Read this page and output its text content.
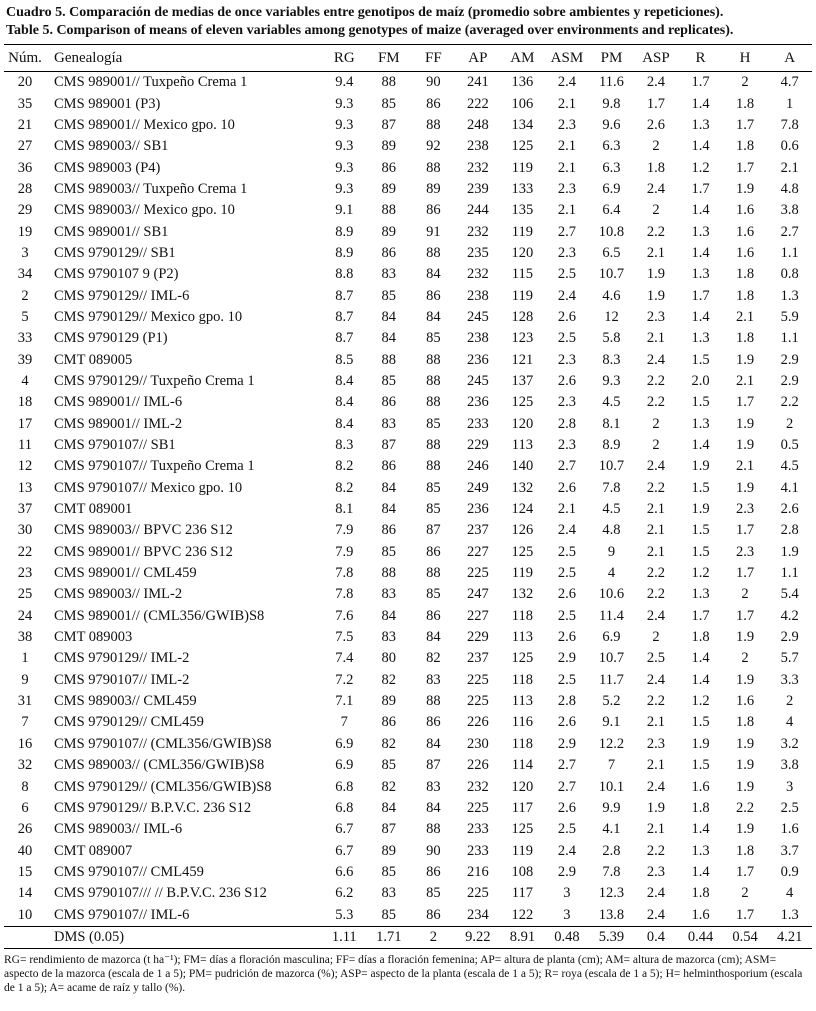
Cuadro 5. Comparación de medias de once variables entre genotipos de maíz (promedio sobre ambientes y repeticiones).
Table 5. Comparison of means of eleven variables among genotypes of maize (averaged over environments and replicates).
Núm.	Genealogía	RG	FM	FF	AP	AM	ASM	PM	ASP	R	H	A
20	CMS 989001// Tuxpeño Crema 1	9.4	88	90	241	136	2.4	11.6	2.4	1.7	2	4.7
35	CMS 989001 (P3)	9.3	85	86	222	106	2.1	9.8	1.7	1.4	1.8	1
21	CMS 989001// Mexico gpo. 10	9.3	87	88	248	134	2.3	9.6	2.6	1.3	1.7	7.8
27	CMS 989003// SB1	9.3	89	92	238	125	2.1	6.3	2	1.4	1.8	0.6
36	CMS 989003 (P4)	9.3	86	88	232	119	2.1	6.3	1.8	1.2	1.7	2.1
28	CMS 989003// Tuxpeño Crema 1	9.3	89	89	239	133	2.3	6.9	2.4	1.7	1.9	4.8
29	CMS 989003// Mexico gpo. 10	9.1	88	86	244	135	2.1	6.4	2	1.4	1.6	3.8
19	CMS 989001// SB1	8.9	89	91	232	119	2.7	10.8	2.2	1.3	1.6	2.7
3	CMS 9790129// SB1	8.9	86	88	235	120	2.3	6.5	2.1	1.4	1.6	1.1
34	CMS 9790107 9 (P2)	8.8	83	84	232	115	2.5	10.7	1.9	1.3	1.8	0.8
2	CMS 9790129// IML-6	8.7	85	86	238	119	2.4	4.6	1.9	1.7	1.8	1.3
5	CMS 9790129// Mexico gpo. 10	8.7	84	84	245	128	2.6	12	2.3	1.4	2.1	5.9
33	CMS 9790129 (P1)	8.7	84	85	238	123	2.5	5.8	2.1	1.3	1.8	1.1
39	CMT 089005	8.5	88	88	236	121	2.3	8.3	2.4	1.5	1.9	2.9
4	CMS 9790129// Tuxpeño Crema 1	8.4	85	88	245	137	2.6	9.3	2.2	2.0	2.1	2.9
18	CMS 989001// IML-6	8.4	86	88	236	125	2.3	4.5	2.2	1.5	1.7	2.2
17	CMS 989001// IML-2	8.4	83	85	233	120	2.8	8.1	2	1.3	1.9	2
11	CMS 9790107// SB1	8.3	87	88	229	113	2.3	8.9	2	1.4	1.9	0.5
12	CMS 9790107// Tuxpeño Crema 1	8.2	86	88	246	140	2.7	10.7	2.4	1.9	2.1	4.5
13	CMS 9790107// Mexico gpo. 10	8.2	84	85	249	132	2.6	7.8	2.2	1.5	1.9	4.1
37	CMT 089001	8.1	84	85	236	124	2.1	4.5	2.1	1.9	2.3	2.6
30	CMS 989003// BPVC 236 S12	7.9	86	87	237	126	2.4	4.8	2.1	1.5	1.7	2.8
22	CMS 989001// BPVC 236 S12	7.9	85	86	227	125	2.5	9	2.1	1.5	2.3	1.9
23	CMS 989001// CML459	7.8	88	88	225	119	2.5	4	2.2	1.2	1.7	1.1
25	CMS 989003// IML-2	7.8	83	85	247	132	2.6	10.6	2.2	1.3	2	5.4
24	CMS 989001// (CML356/GWIB)S8	7.6	84	86	227	118	2.5	11.4	2.4	1.7	1.7	4.2
38	CMT 089003	7.5	83	84	229	113	2.6	6.9	2	1.8	1.9	2.9
1	CMS 9790129// IML-2	7.4	80	82	237	125	2.9	10.7	2.5	1.4	2	5.7
9	CMS 9790107// IML-2	7.2	82	83	225	118	2.5	11.7	2.4	1.4	1.9	3.3
31	CMS 989003// CML459	7.1	89	88	225	113	2.8	5.2	2.2	1.2	1.6	2
7	CMS 9790129// CML459	7	86	86	226	116	2.6	9.1	2.1	1.5	1.8	4
16	CMS 9790107// (CML356/GWIB)S8	6.9	82	84	230	118	2.9	12.2	2.3	1.9	1.9	3.2
32	CMS 989003// (CML356/GWIB)S8	6.9	85	87	226	114	2.7	7	2.1	1.5	1.9	3.8
8	CMS 9790129// (CML356/GWIB)S8	6.8	82	83	232	120	2.7	10.1	2.4	1.6	1.9	3
6	CMS 9790129// B.P.V.C. 236 S12	6.8	84	84	225	117	2.6	9.9	1.9	1.8	2.2	2.5
26	CMS 989003// IML-6	6.7	87	88	233	125	2.5	4.1	2.1	1.4	1.9	1.6
40	CMT 089007	6.7	89	90	233	119	2.4	2.8	2.2	1.3	1.8	3.7
15	CMS 9790107// CML459	6.6	85	86	216	108	2.9	7.8	2.3	1.4	1.7	0.9
14	CMS 9790107/// // B.P.V.C. 236 S12	6.2	83	85	225	117	3	12.3	2.4	1.8	2	4
10	CMS 9790107// IML-6	5.3	85	86	234	122	3	13.8	2.4	1.6	1.7	1.3
	DMS (0.05)	1.11	1.71	2	9.22	8.91	0.48	5.39	0.4	0.44	0.54	4.21
RG= rendimiento de mazorca (t ha⁻¹); FM= días a floración masculina; FF= días a floración femenina; AP= altura de planta (cm); AM= altura de mazorca (cm); ASM= aspecto de la mazorca (escala de 1 a 5); PM= pudrición de mazorca (%); ASP= aspecto de la planta (escala de 1 a 5); R= roya (escala de 1 a 5); H= helminthosporium (escala de 1 a 5); A= acame de raíz y tallo (%).
